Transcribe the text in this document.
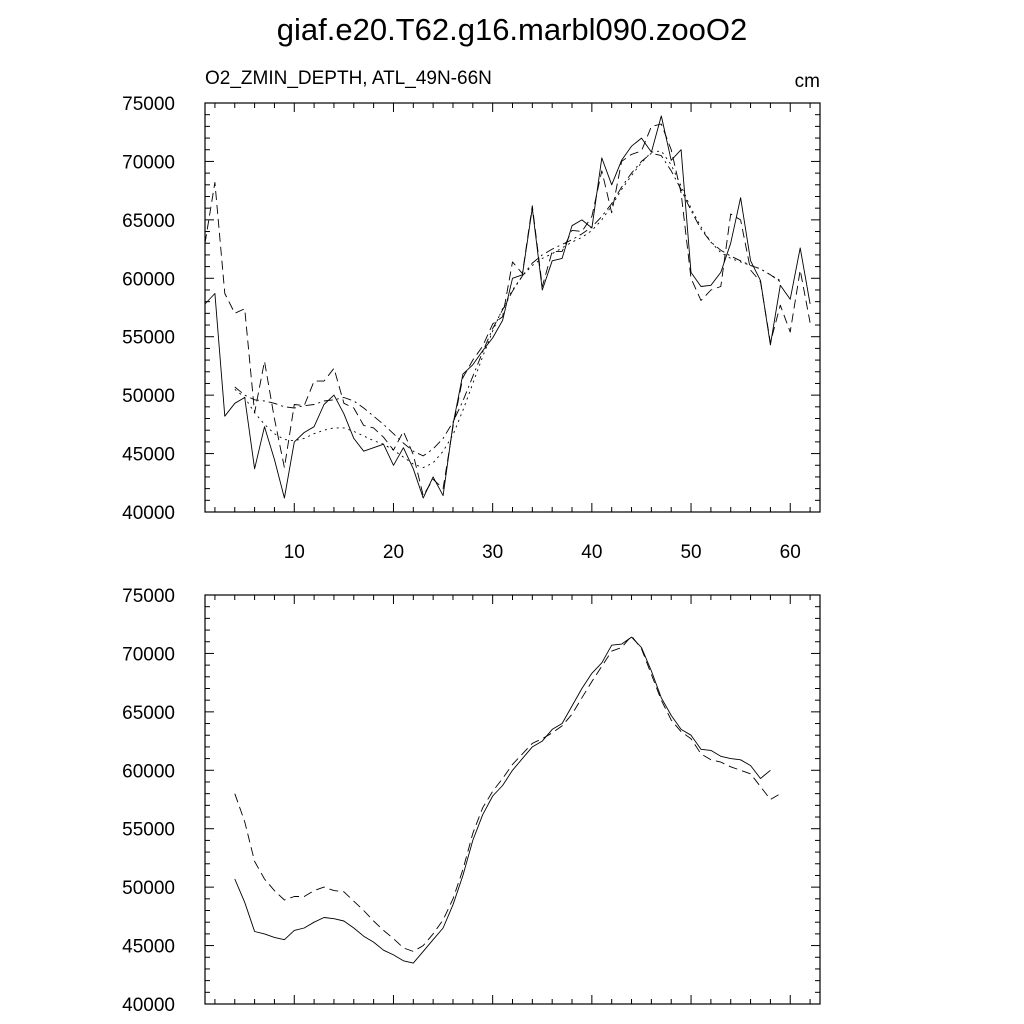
giaf.e20.T62.g16.marbl090.zooO2
O2_ZMIN_DEPTH, ATL_49N-66N	cm
40000
45000
50000
55000
60000
65000
70000
75000
10	20	30	40	50	60
40000
45000
50000
55000
60000
65000
70000
75000
